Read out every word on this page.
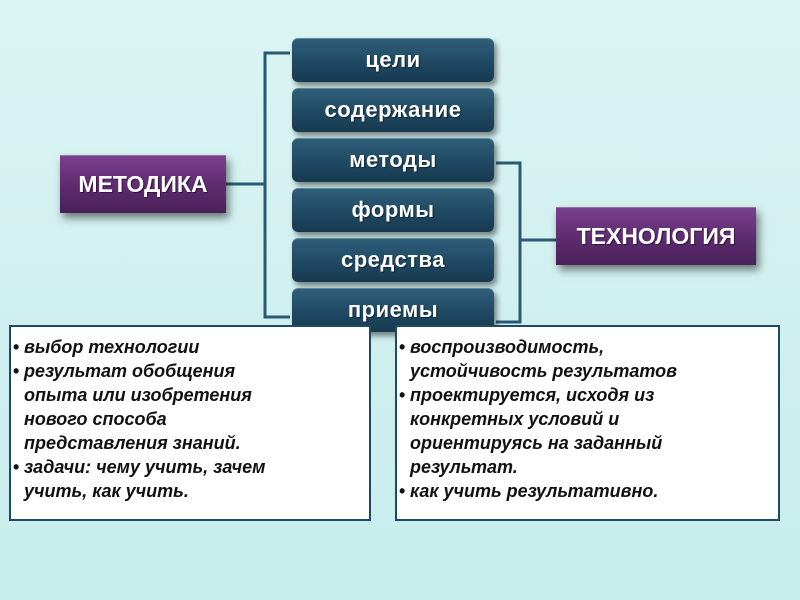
цели
содержание
методы
формы
средства
приемы
МЕТОДИКА
ТЕХНОЛОГИЯ
• выбор технологии
• результат обобщения
опыта или изобретения
нового способа
представления знаний.
• задачи: чему учить, зачем
учить, как учить.
• воспроизводимость,
устойчивость результатов
• проектируется, исходя из
конкретных условий и
ориентируясь на заданный
результат.
• как учить результативно.
